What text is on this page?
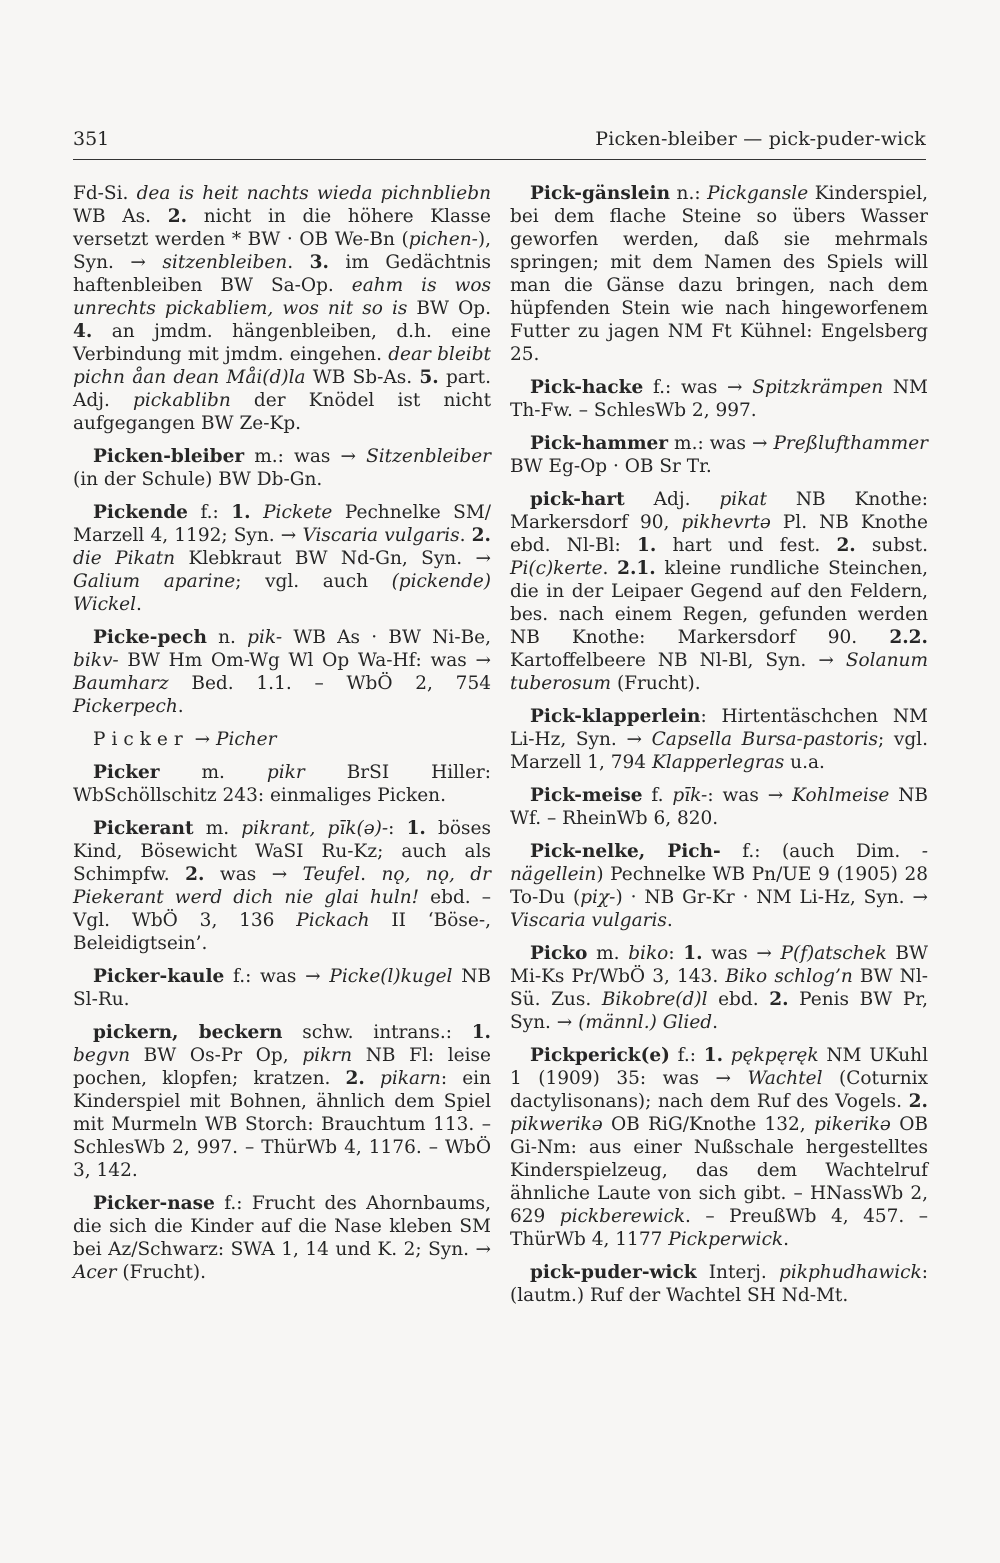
351	Picken-bleiber — pick-puder-wick

Fd-Si. dea is heit nachts wieda pichnbliebn WB As. 2. nicht in die höhere Klasse versetzt werden * BW · OB We-Bn (pichen-), Syn. → sitzenbleiben. 3. im Gedächtnis haftenbleiben BW Sa-Op. eahm is wos unrechts pickabliem, wos nit so is BW Op. 4. an jmdm. hängenbleiben, d.h. eine Verbindung mit jmdm. eingehen. dear bleibt pichn åan dean Måi(d)la WB Sb-As. 5. part. Adj. pickablibn der Knödel ist nicht aufgegangen BW Ze-Kp.

Picken-bleiber m.: was → Sitzenbleiber (in der Schule) BW Db-Gn.

Pickende f.: 1. Pickete Pechnelke SM/ Marzell 4, 1192; Syn. → Viscaria vulgaris. 2. die Pikatn Klebkraut BW Nd-Gn, Syn. → Galium aparine; vgl. auch (pickende) Wickel.

Picke-pech n. pik- WB As · BW Ni-Be, bikv- BW Hm Om-Wg Wl Op Wa-Hf: was → Baumharz Bed. 1.1. – WbÖ 2, 754 Pickerpech.

Picker → Picher

Picker m. pikr BrSI Hiller: WbSchöllschitz 243: einmaliges Picken.

Pickerant m. pikrant, pīk(ə)-: 1. böses Kind, Bösewicht WaSI Ru-Kz; auch als Schimpfw. 2. was → Teufel. nǫ, nǫ, dr Piekerant werd dich nie glai huln! ebd. – Vgl. WbÖ 3, 136 Pickach II ‘Böse-, Beleidigtsein’.

Picker-kaule f.: was → Picke(l)kugel NB Sl-Ru.

pickern, beckern schw. intrans.: 1. begvn BW Os-Pr Op, pikrn NB Fl: leise pochen, klopfen; kratzen. 2. pikarn: ein Kinderspiel mit Bohnen, ähnlich dem Spiel mit Murmeln WB Storch: Brauchtum 113. – SchlesWb 2, 997. – ThürWb 4, 1176. – WbÖ 3, 142.

Picker-nase f.: Frucht des Ahornbaums, die sich die Kinder auf die Nase kleben SM bei Az/Schwarz: SWA 1, 14 und K. 2; Syn. → Acer (Frucht).

Pick-gänslein n.: Pickgansle Kinderspiel, bei dem flache Steine so übers Wasser geworfen werden, daß sie mehrmals springen; mit dem Namen des Spiels will man die Gänse dazu bringen, nach dem hüpfenden Stein wie nach hingeworfenem Futter zu jagen NM Ft Kühnel: Engelsberg 25.

Pick-hacke f.: was → Spitzkrämpen NM Th-Fw. – SchlesWb 2, 997.

Pick-hammer m.: was → Preßlufthammer BW Eg-Op · OB Sr Tr.

pick-hart Adj. pikat NB Knothe: Markersdorf 90, pikhevrtə Pl. NB Knothe ebd. Nl-Bl: 1. hart und fest. 2. subst. Pi(c)kerte. 2.1. kleine rundliche Steinchen, die in der Leipaer Gegend auf den Feldern, bes. nach einem Regen, gefunden werden NB Knothe: Markersdorf 90. 2.2. Kartoffelbeere NB Nl-Bl, Syn. → Solanum tuberosum (Frucht).

Pick-klapperlein: Hirtentäschchen NM Li-Hz, Syn. → Capsella Bursa-pastoris; vgl. Marzell 1, 794 Klapperlegras u.a.

Pick-meise f. pīk-: was → Kohlmeise NB Wf. – RheinWb 6, 820.

Pick-nelke, Pich- f.: (auch Dim. -nägellein) Pechnelke WB Pn/UE 9 (1905) 28 To-Du (piχ-) · NB Gr-Kr · NM Li-Hz, Syn. → Viscaria vulgaris.

Picko m. biko: 1. was → P(f)atschek BW Mi-Ks Pr/WbÖ 3, 143. Biko schlog’n BW Nl-Sü. Zus. Bikobre(d)l ebd. 2. Penis BW Pr, Syn. → (männl.) Glied.

Pickperick(e) f.: 1. pękpęręk NM UKuhl 1 (1909) 35: was → Wachtel (Coturnix dactylisonans); nach dem Ruf des Vogels. 2. pikwerikə OB RiG/Knothe 132, pikerikə OB Gi-Nm: aus einer Nußschale hergestelltes Kinderspielzeug, das dem Wachtelruf ähnliche Laute von sich gibt. – HNassWb 2, 629 pickberewick. – PreußWb 4, 457. – ThürWb 4, 1177 Pickperwick.

pick-puder-wick Interj. pikphudhawick: (lautm.) Ruf der Wachtel SH Nd-Mt.
